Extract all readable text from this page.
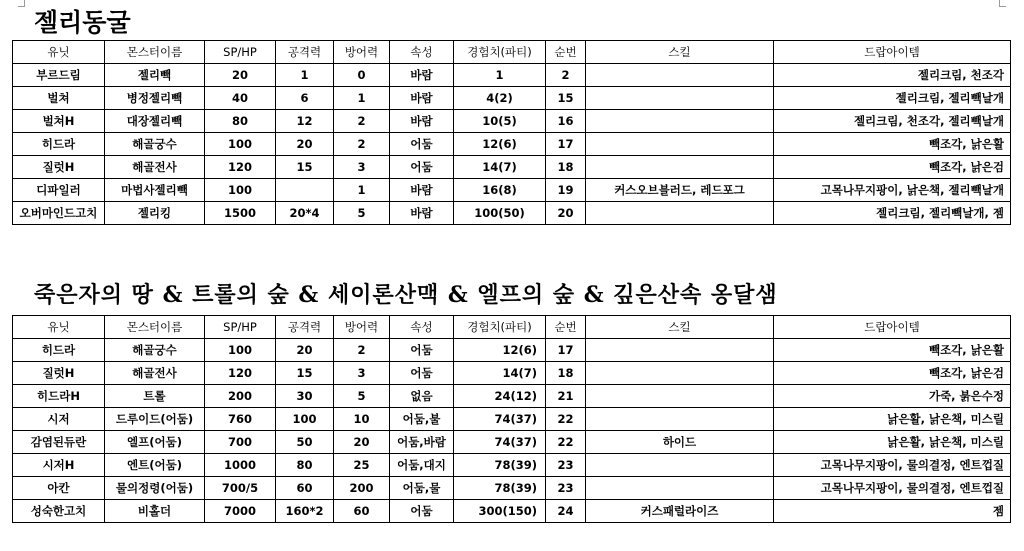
젤리동굴
유닛	몬스터이름	SP/HP	공격력	방어력	속성	경험치(파티)	순번	스킬	드랍아이템
부르드림	젤리빽	20	1	0	바람	1	2		젤리크림, 천조각
벌쳐	병정젤리빽	40	6	1	바람	4(2)	15		젤리크림, 젤리빽날개
벌쳐H	대장젤리빽	80	12	2	바람	10(5)	16		젤리크림, 천조각, 젤리빽날개
히드라	해골궁수	100	20	2	어둠	12(6)	17		빽조각, 낡은활
질럿H	해골전사	120	15	3	어둠	14(7)	18		빽조각, 낡은검
디파일러	마법사젤리빽	100		1	바람	16(8)	19	커스오브블러드, 레드포그	고목나무지팡이, 낡은책, 젤리빽날개
오버마인드고치	젤리킹	1500	20*4	5	바람	100(50)	20		젤리크림, 젤리빽날개, 젬
죽은자의 땅 & 트롤의 숲 & 세이론산맥 & 엘프의 숲 & 깊은산속 옹달샘
유닛	몬스터이름	SP/HP	공격력	방어력	속성	경험치(파티)	순번	스킬	드랍아이템
히드라	해골궁수	100	20	2	어둠	12(6)	17		빽조각, 낡은활
질럿H	해골전사	120	15	3	어둠	14(7)	18		빽조각, 낡은검
히드라H	트롤	200	30	5	없음	24(12)	21		가죽, 붉은수정
시저	드루이드(어둠)	760	100	10	어둠,불	74(37)	22		낡은활, 낡은책, 미스릴
감염된듀란	엘프(어둠)	700	50	20	어둠,바람	74(37)	22	하이드	낡은활, 낡은책, 미스릴
시저H	엔트(어둠)	1000	80	25	어둠,대지	78(39)	23		고목나무지팡이, 물의결정, 엔트껍질
아칸	물의정령(어둠)	700/5	60	200	어둠,물	78(39)	23		고목나무지팡이, 물의결정, 엔트껍질
성숙한고치	비홀더	7000	160*2	60	어둠	300(150)	24	커스패럴라이즈	젬
